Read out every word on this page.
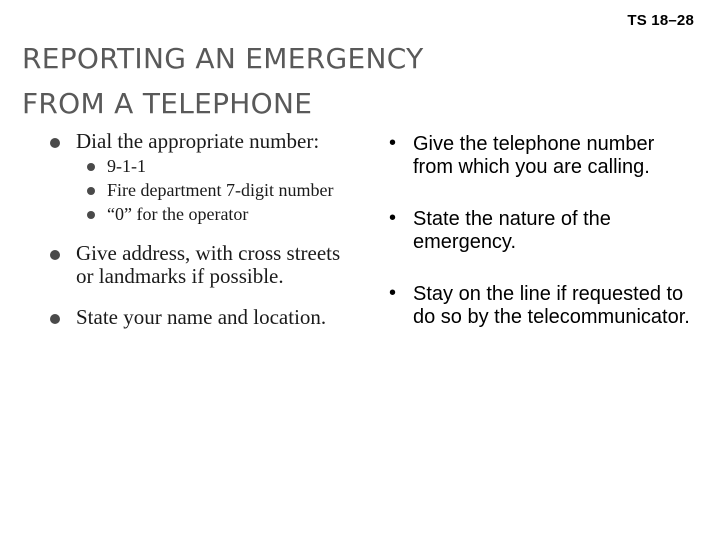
TS 18–28
REPORTING AN EMERGENCY
FROM A TELEPHONE
Dial the appropriate number:
9-1-1
Fire department 7-digit number
“0” for the operator
Give address, with cross streets or landmarks if possible.
State your name and location.
• Give the telephone number from which you are calling.
• State the nature of the emergency.
• Stay on the line if requested to do so by the telecommunicator.
